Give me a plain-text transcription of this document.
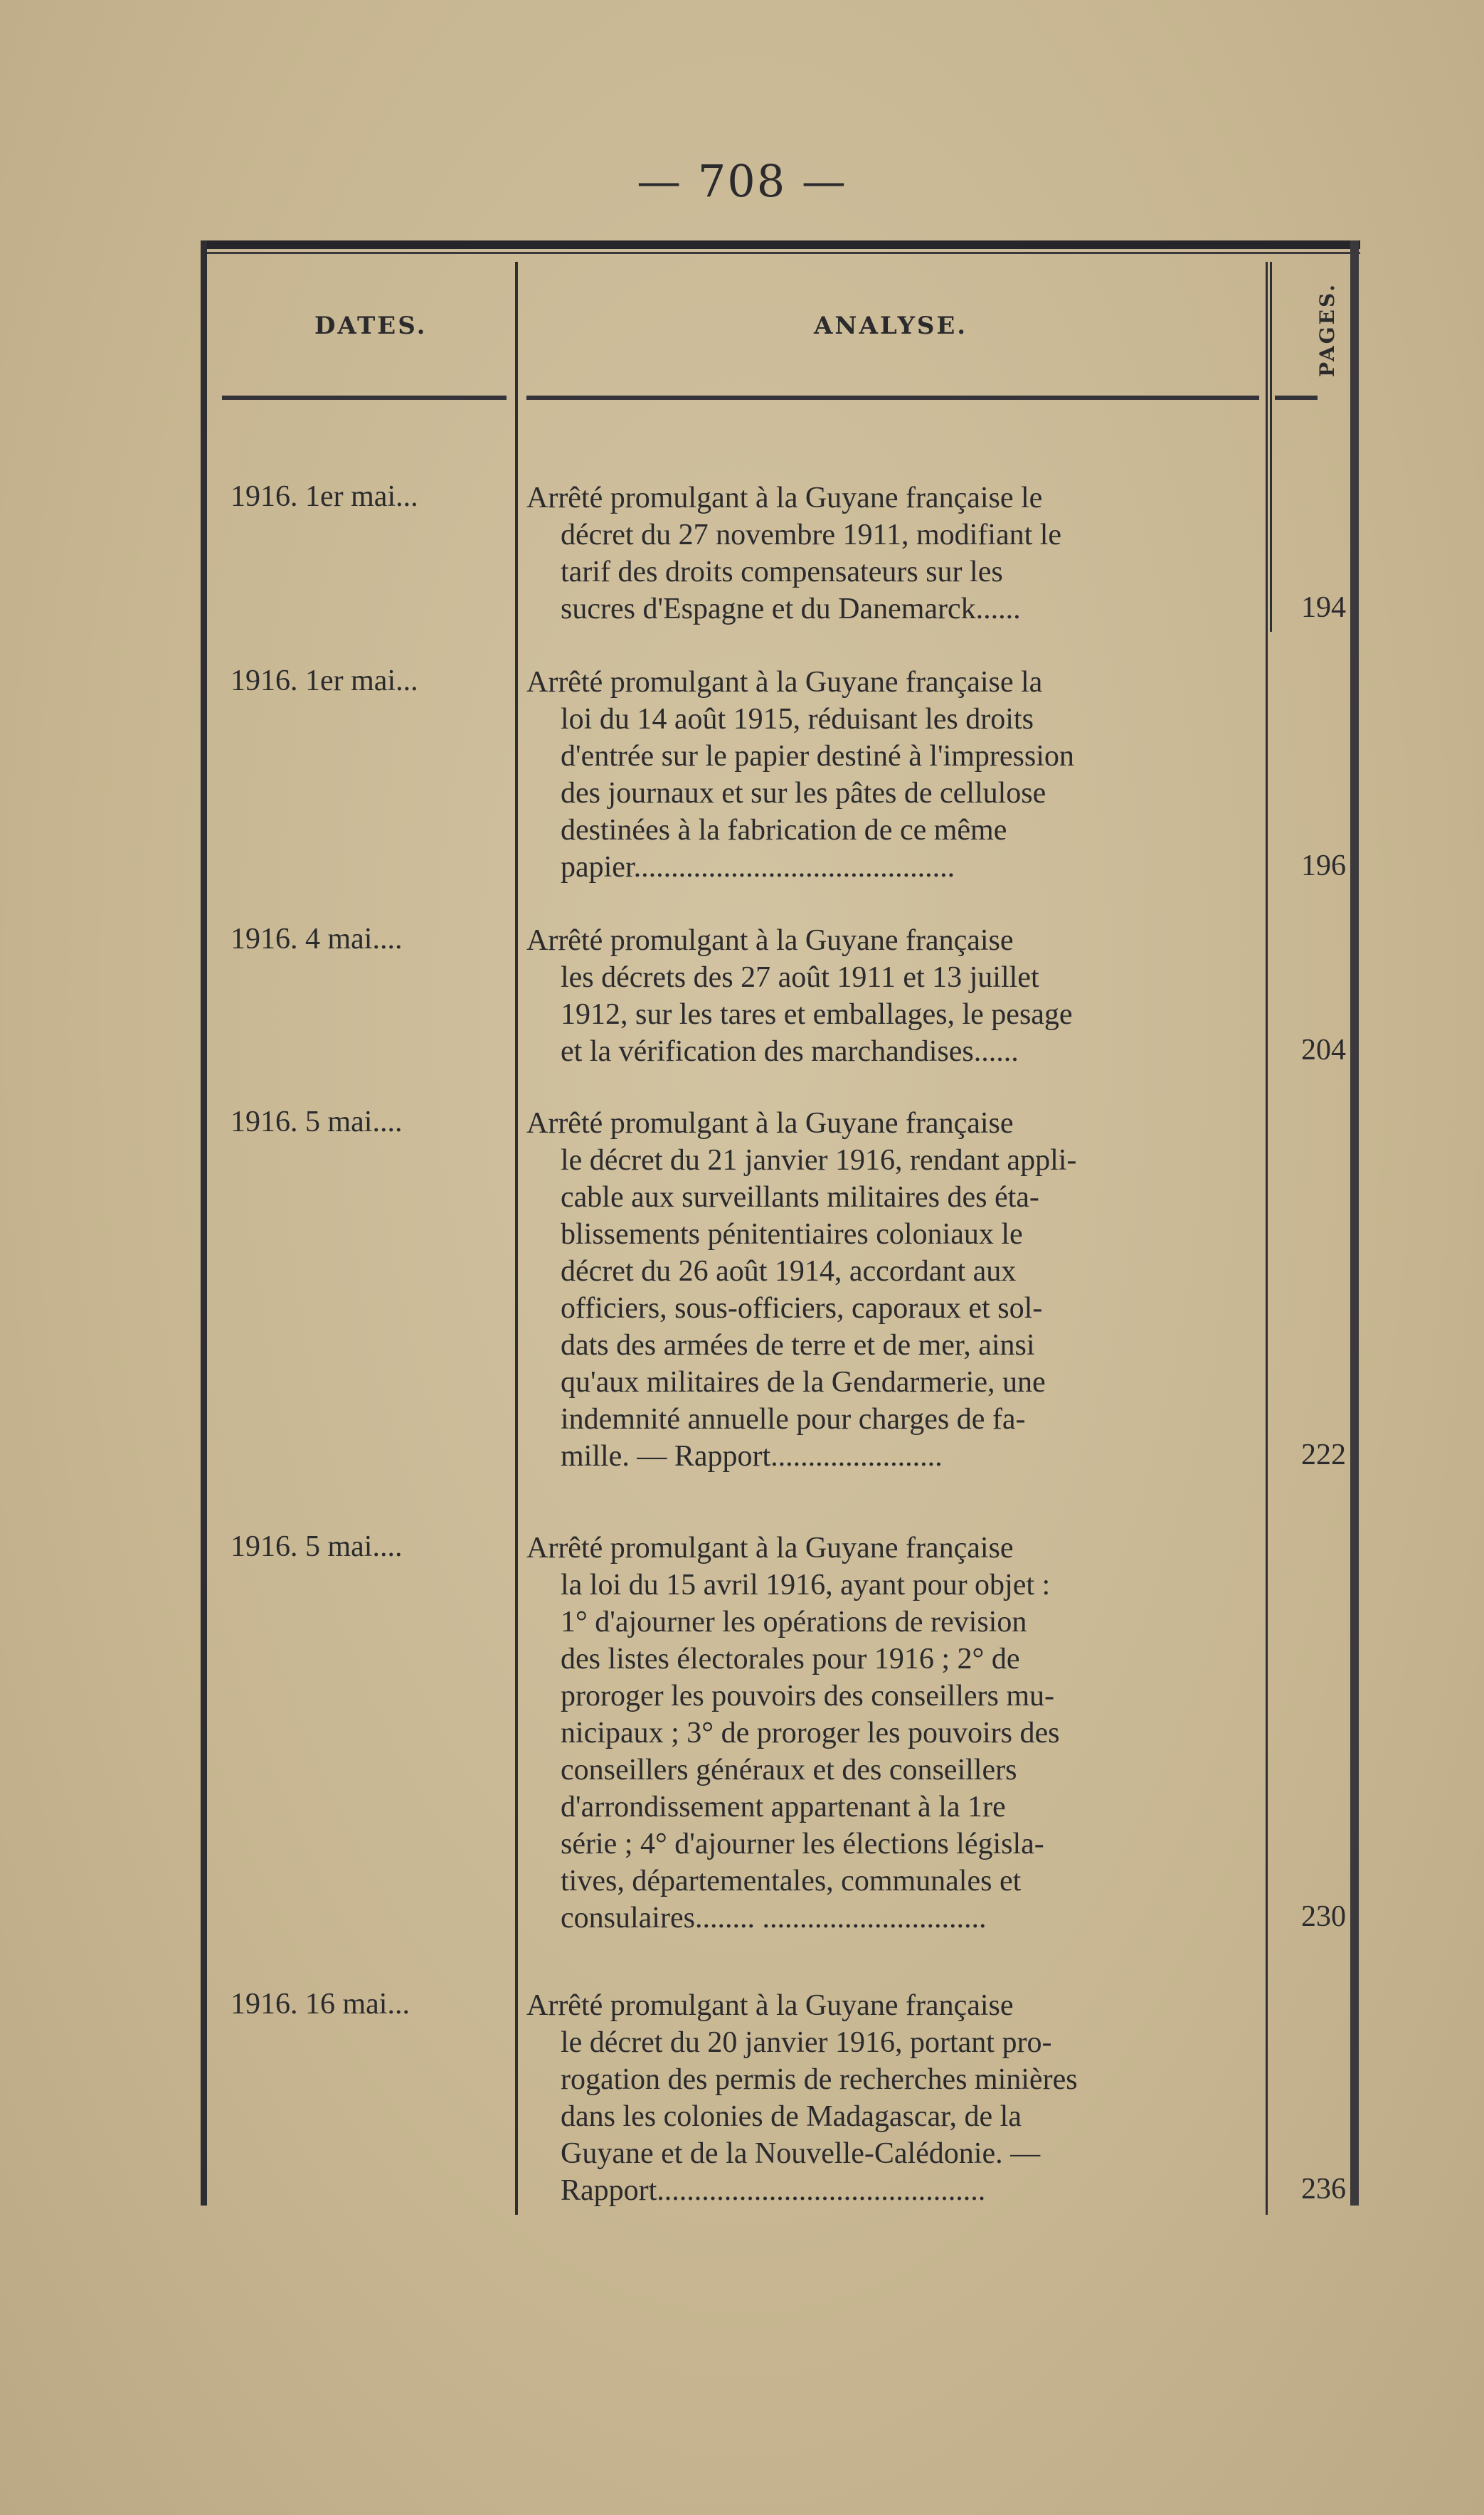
— 708 —
DATES.	ANALYSE.	PAGES.
1916. 1er mai...	Arrêté promulgant à la Guyane française le
décret du 27 novembre 1911, modifiant le
tarif des droits compensateurs sur les
sucres d'Espagne et du Danemarck......	194
1916. 1er mai...	Arrêté promulgant à la Guyane française la
loi du 14 août 1915, réduisant les droits
d'entrée sur le papier destiné à l'impression
des journaux et sur les pâtes de cellulose
destinées à la fabrication de ce même
papier...........................................	196
1916. 4 mai....	Arrêté promulgant à la Guyane française
les décrets des 27 août 1911 et 13 juillet
1912, sur les tares et emballages, le pesage
et la vérification des marchandises......	204
1916. 5 mai....	Arrêté promulgant à la Guyane française
le décret du 21 janvier 1916, rendant appli-
cable aux surveillants militaires des éta-
blissements pénitentiaires coloniaux le
décret du 26 août 1914, accordant aux
officiers, sous-officiers, caporaux et sol-
dats des armées de terre et de mer, ainsi
qu'aux militaires de la Gendarmerie, une
indemnité annuelle pour charges de fa-
mille. — Rapport.......................	222
1916. 5 mai....	Arrêté promulgant à la Guyane française
la loi du 15 avril 1916, ayant pour objet :
1° d'ajourner les opérations de revision
des listes électorales pour 1916 ; 2° de
proroger les pouvoirs des conseillers mu-
nicipaux ; 3° de proroger les pouvoirs des
conseillers généraux et des conseillers
d'arrondissement appartenant à la 1re
série ; 4° d'ajourner les élections législa-
tives, départementales, communales et
consulaires........ ..............................	230
1916. 16 mai...	Arrêté promulgant à la Guyane française
le décret du 20 janvier 1916, portant pro-
rogation des permis de recherches minières
dans les colonies de Madagascar, de la
Guyane et de la Nouvelle-Calédonie. —
Rapport............................................	236
